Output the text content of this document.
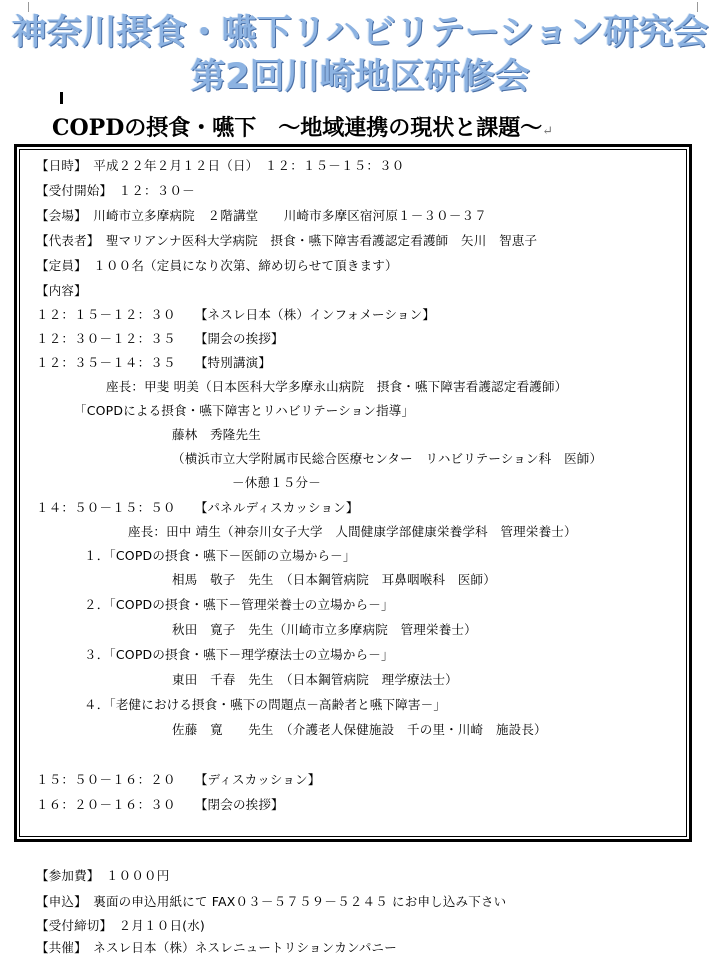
神奈川摂食・嚥下リハビリテーション研究会
第2回川崎地区研修会
COPDの摂食・嚥下　～地域連携の現状と課題～↵
【日時】　平成２２年２月１２日（日）　１２：１５－１５：３０
【受付開始】　１２：３０－
【会場】　川崎市立多摩病院　２階講堂　　川崎市多摩区宿河原１－３０－３７
【代表者】　聖マリアンナ医科大学病院　摂食・嚥下障害看護認定看護師　矢川　智恵子
【定員】　１００名（定員になり次第、締め切らせて頂きます）
【内容】
１２：１５－１２：３０　　【ネスレ日本（株）インフォメーション】
１２：３０－１２：３５　　【開会の挨拶】
１２：３５－１４：３５　　【特別講演】
座長：甲斐 明美（日本医科大学多摩永山病院　摂食・嚥下障害看護認定看護師）
「COPDによる摂食・嚥下障害とリハビリテーション指導」
藤林　秀隆先生
（横浜市立大学附属市民総合医療センター　リハビリテーション科　医師）
－休憩１５分－
１４：５０－１５：５０　　【パネルディスカッション】
座長：田中 靖生（神奈川女子大学　人間健康学部健康栄養学科　管理栄養士）
１．「COPDの摂食・嚥下－医師の立場から－」
相馬　敬子　先生　（日本鋼管病院　耳鼻咽喉科　医師）
２．「COPDの摂食・嚥下－管理栄養士の立場から－」
秋田　寛子　先生（川崎市立多摩病院　管理栄養士）
３．「COPDの摂食・嚥下－理学療法士の立場から－」
東田　千春　先生　（日本鋼管病院　理学療法士）
４．「老健における摂食・嚥下の問題点－高齢者と嚥下障害－」
佐藤　寛　　先生　（介護老人保健施設　千の里・川崎　施設長）
１５：５０－１６：２０　　【ディスカッション】
１６：２０－１６：３０　　【閉会の挨拶】
【参加費】　１０００円
【申込】　裏面の申込用紙にて FAX０３－５７５９－５２４５ にお申し込み下さい
【受付締切】　２月１０日(水)
【共催】　ネスレ日本（株）ネスレニュートリションカンパニー
